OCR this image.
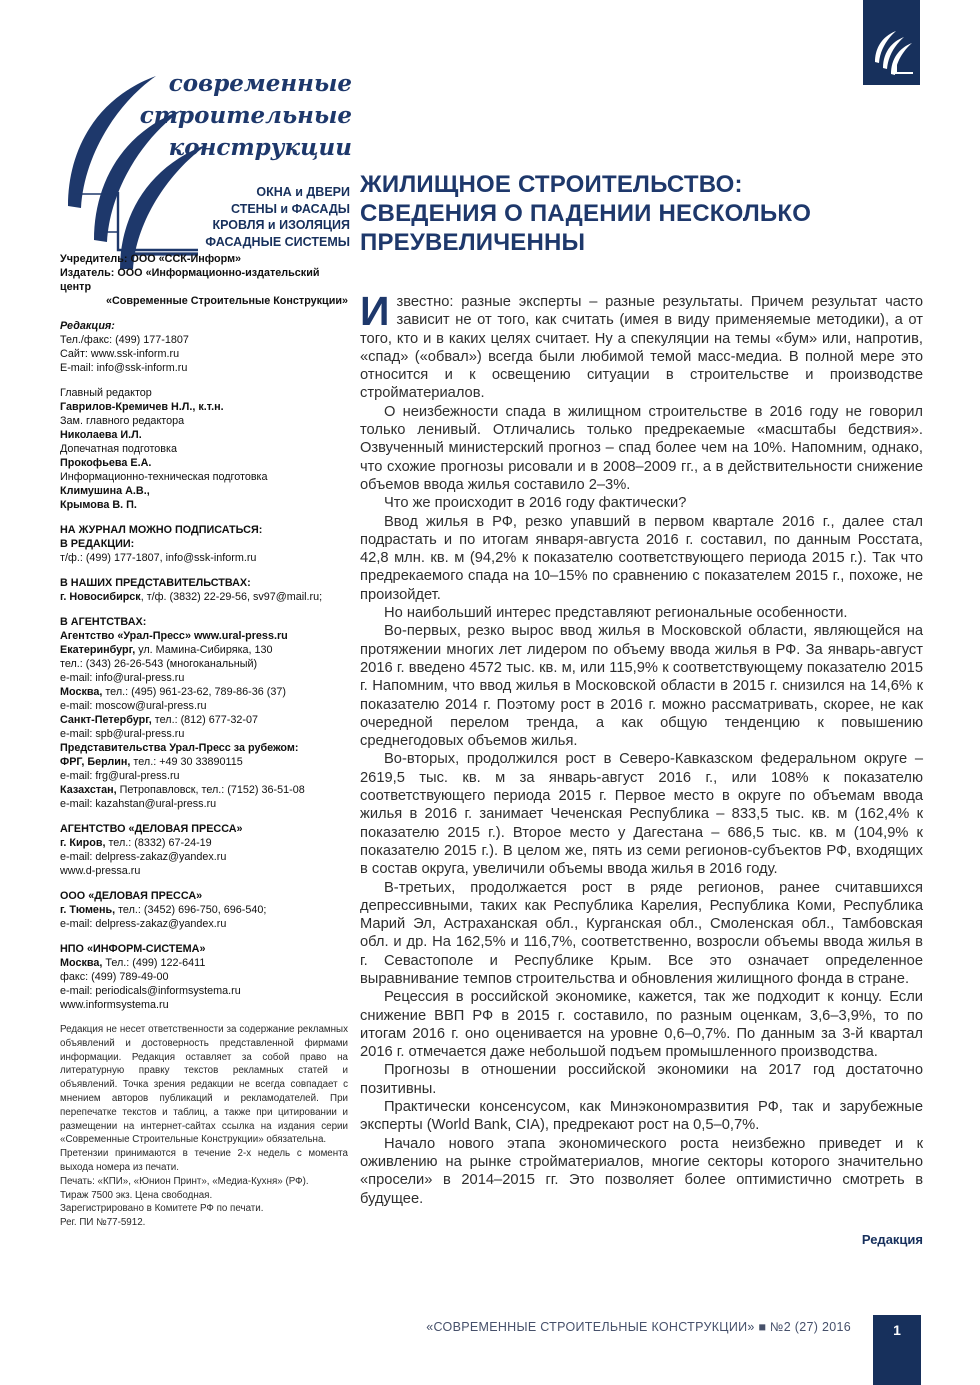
современные
строительные
конструкции
ОКНА и ДВЕРИ
СТЕНЫ и ФАСАДЫ
КРОВЛЯ и ИЗОЛЯЦИЯ
ФАСАДНЫЕ СИСТЕМЫ
Учредитель: ООО «ССК-Информ»
Издатель: ООО «Информационно-издательский центр
«Современные Строительные Конструкции»
Редакция:
Тел./факс: (499) 177-1807
Сайт: www.ssk-inform.ru
E-mail: info@ssk-inform.ru
Главный редактор
Гаврилов-Кремичев Н.Л., к.т.н.
Зам. главного редактора
Николаева И.Л.
Допечатная подготовка
Прокофьева Е.А.
Информационно-техническая подготовка
Климушина А.В.,
Крымова В. П.
НА ЖУРНАЛ МОЖНО ПОДПИСАТЬСЯ:
В РЕДАКЦИИ:
т/ф.: (499) 177-1807, info@ssk-inform.ru
В НАШИХ ПРЕДСТАВИТЕЛЬСТВАХ:
г. Новосибирск, т/ф. (3832) 22-29-56, sv97@mail.ru;
В АГЕНТСТВАХ:
Агентство «Урал-Пресс» www.ural-press.ru
Екатеринбург, ул. Мамина-Сибиряка, 130
тел.: (343) 26-26-543 (многоканальный)
e-mail: info@ural-press.ru
Москва, тел.: (495) 961-23-62, 789-86-36 (37)
e-mail: moscow@ural-press.ru
Санкт-Петербург, тел.: (812) 677-32-07
e-mail: spb@ural-press.ru
Представительства Урал-Пресс за рубежом:
ФРГ, Берлин, тел.: +49 30 33890115
e-mail: frg@ural-press.ru
Казахстан, Петропавловск, тел.: (7152) 36-51-08
e-mail: kazahstan@ural-press.ru
АГЕНТСТВО «ДЕЛОВАЯ ПРЕССА»
г. Киров, тел.: (8332) 67-24-19
e-mail: delpress-zakaz@yandex.ru
www.d-pressa.ru
ООО «ДЕЛОВАЯ ПРЕССА»
г. Тюмень, тел.: (3452) 696-750, 696-540;
e-mail: delpress-zakaz@yandex.ru
НПО «ИНФОРМ-СИСТЕМА»
Москва, Тел.: (499) 122-6411
факс: (499) 789-49-00
e-mail: periodicals@informsystema.ru
www.informsystema.ru

Редакция не несет ответственности за содержание рекламных объявлений и достоверность представленной фирмами информации. Редакция оставляет за собой право на литературную правку текстов рекламных статей и объявлений. Точка зрения редакции не всегда совпадает с мнением авторов публикаций и рекламодателей. При перепечатке текстов и таблиц, а также при цитировании и размещении на интернет-сайтах ссылка на издания серии «Современные Строительные Конструкции» обязательна.

Претензии принимаются в течение 2-х недель с момента выхода номера из печати.

Печать: «КПИ», «Юнион Принт», «Медиа-Кухня» (РФ).

Тираж 7500 экз. Цена свободная.

Зарегистрировано в Комитете РФ по печати.

Рег. ПИ №77-5912.

ЖИЛИЩНОЕ СТРОИТЕЛЬСТВО:
СВЕДЕНИЯ О ПАДЕНИИ НЕСКОЛЬКО
ПРЕУВЕЛИЧЕННЫ

Известно: разные эксперты – разные результаты. Причем результат часто зависит не от того, как считать (имея в виду применяемые методики), а от того, кто и в каких целях считает. Ну а спекуляции на темы «бум» или, напротив, «спад» («обвал») всегда были любимой темой масс-медиа. В полной мере это относится и к освещению ситуации в строительстве и производстве стройматериалов.

О неизбежности спада в жилищном строительстве в 2016 году не говорил только ленивый. Отличались только предрекаемые «масштабы бедствия». Озвученный министерский прогноз – спад более чем на 10%. Напомним, однако, что схожие прогнозы рисовали и в 2008–2009 гг., а в действительности снижение объемов ввода жилья составило 2–3%.

Что же происходит в 2016 году фактически?

Ввод жилья в РФ, резко упавший в первом квартале 2016 г., далее стал подрастать и по итогам января-августа 2016 г. составил, по данным Росстата, 42,8 млн. кв. м (94,2% к показателю соответствующего периода 2015 г.). Так что предрекаемого спада на 10–15% по сравнению с показателем 2015 г., похоже, не произойдет.

Но наибольший интерес представляют региональные особенности.

Во-первых, резко вырос ввод жилья в Московской области, являющейся на протяжении многих лет лидером по объему ввода жилья в РФ. За январь-август 2016 г. введено 4572 тыс. кв. м, или 115,9% к соответствующему показателю 2015 г. Напомним, что ввод жилья в Московской области в 2015 г. снизился на 14,6% к показателю 2014 г. Поэтому рост в 2016 г. можно рассматривать, скорее, не как очередной перелом тренда, а как общую тенденцию к повышению среднегодовых объемов жилья.

Во-вторых, продолжился рост в Северо-Кавказском федеральном округе – 2619,5 тыс. кв. м за январь-август 2016 г., или 108% к показателю соответствующего периода 2015 г. Первое место в округе по объемам ввода жилья в 2016 г. занимает Чеченская Республика – 833,5 тыс. кв. м (162,4% к показателю 2015 г.). Второе место у Дагестана – 686,5 тыс. кв. м (104,9% к показателю 2015 г.). В целом же, пять из семи регионов-субъектов РФ, входящих в состав округа, увеличили объемы ввода жилья в 2016 году.

В-третьих, продолжается рост в ряде регионов, ранее считавшихся депрессивными, таких как Республика Карелия, Республика Коми, Республика Марий Эл, Астраханская обл., Курганская обл., Смоленская обл., Тамбовская обл. и др. На 162,5% и 116,7%, соответственно, возросли объемы ввода жилья в г. Севастополе и Республике Крым. Все это означает определенное выравнивание темпов строительства и обновления жилищного фонда в стране.

Рецессия в российской экономике, кажется, так же подходит к концу. Если снижение ВВП РФ в 2015 г. составило, по разным оценкам, 3,6–3,9%, то по итогам 2016 г. оно оценивается на уровне 0,6–0,7%. По данным за 3-й квартал 2016 г. отмечается даже небольшой подъем промышленного производства.

Прогнозы в отношении российской экономики на 2017 год достаточно позитивны.

Практически консенсусом, как Минэкономразвития РФ, так и зарубежные эксперты (World Bank, CIA), предрекают рост на 0,5–0,7%.

Начало нового этапа экономического роста неизбежно приведет и к оживлению на рынке стройматериалов, многие секторы которого значительно «просели» в 2014–2015 гг. Это позволяет более оптимистично смотреть в будущее.

Редакция
«СОВРЕМЕННЫЕ СТРОИТЕЛЬНЫЕ КОНСТРУКЦИИ» ■ №2 (27) 2016	1
